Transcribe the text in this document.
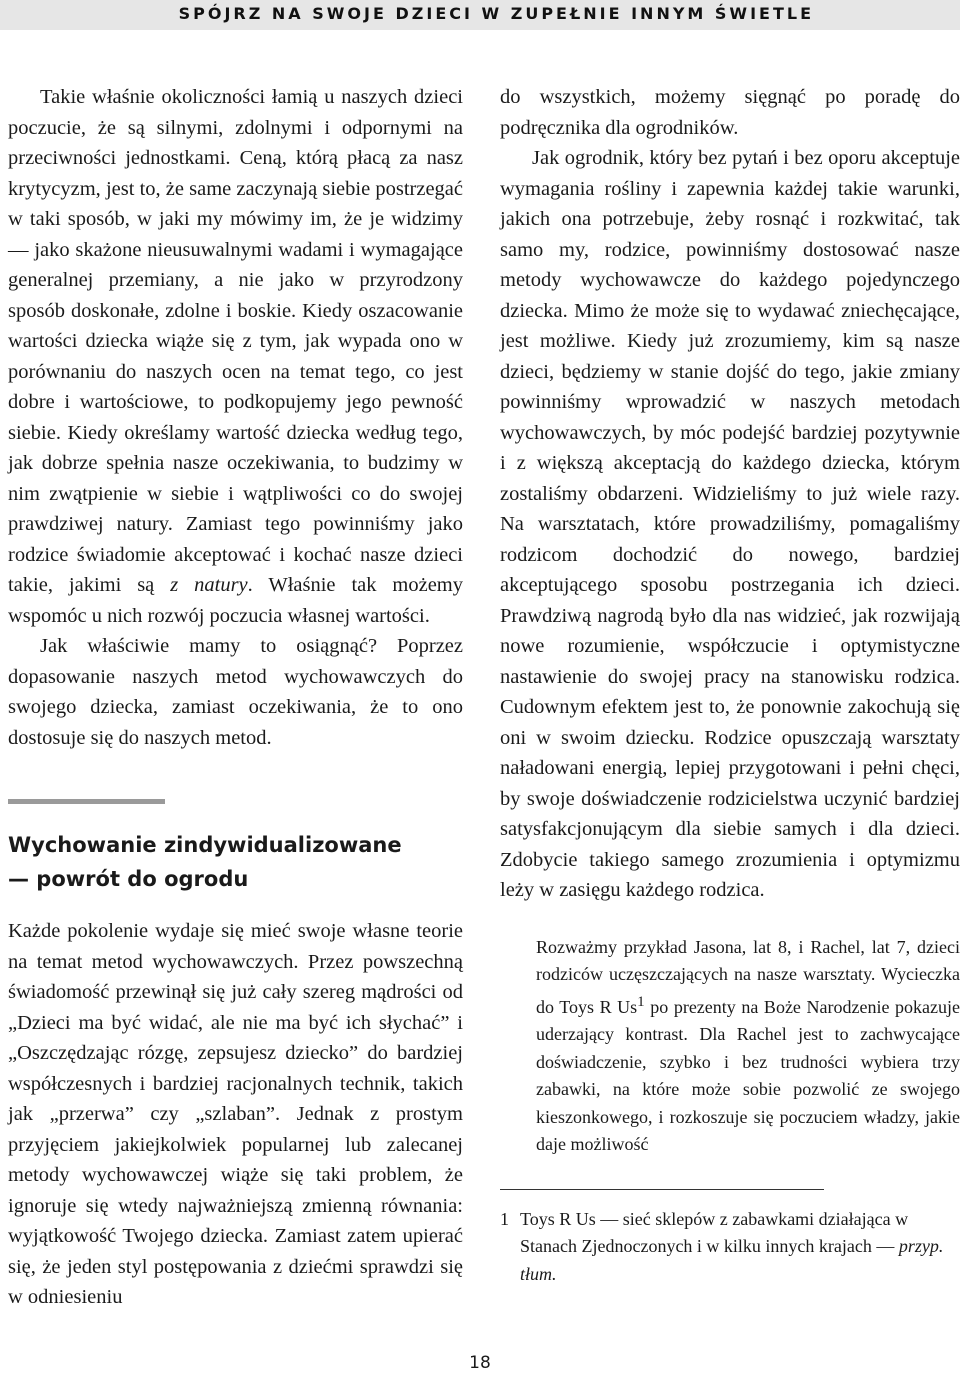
SPÓJRZ NA SWOJE DZIECI W ZUPEŁNIE INNYM ŚWIETLE

Takie właśnie okoliczności łamią u naszych dzieci poczucie, że są silnymi, zdolnymi i odpornymi na przeciwności jednostkami. Ceną, którą płacą za nasz krytycyzm, jest to, że same zaczynają siebie postrzegać w taki sposób, w jaki my mówimy im, że je widzimy — jako skażone nieusuwalnymi wadami i wymagające generalnej przemiany, a nie jako w przyrodzony sposób doskonałe, zdolne i boskie. Kiedy oszacowanie wartości dziecka wiąże się z tym, jak wypada ono w porównaniu do naszych ocen na temat tego, co jest dobre i wartościowe, to podkopujemy jego pewność siebie. Kiedy określamy wartość dziecka według tego, jak dobrze spełnia nasze oczekiwania, to budzimy w nim zwątpienie w siebie i wątpliwości co do swojej prawdziwej natury. Zamiast tego powinniśmy jako rodzice świadomie akceptować i kochać nasze dzieci takie, jakimi są z natury. Właśnie tak możemy wspomóc u nich rozwój poczucia własnej wartości.

Jak właściwie mamy to osiągnąć? Poprzez dopasowanie naszych metod wychowawczych do swojego dziecka, zamiast oczekiwania, że to ono dostosuje się do naszych metod.

Wychowanie zindywidualizowane
— powrót do ogrodu

Każde pokolenie wydaje się mieć swoje własne teorie na temat metod wychowawczych. Przez powszechną świadomość przewinął się już cały szereg mądrości od „Dzieci ma być widać, ale nie ma być ich słychać” i „Oszczędzając rózgę, zepsujesz dziecko” do bardziej współczesnych i bardziej racjonalnych technik, takich jak „przerwa” czy „szlaban”. Jednak z prostym przyjęciem jakiejkolwiek popularnej lub zalecanej metody wychowawczej wiąże się taki problem, że ignoruje się wtedy najważniejszą zmienną równania: wyjątkowość Twojego dziecka. Zamiast zatem upierać się, że jeden styl postępowania z dziećmi sprawdzi się w odniesieniu

do wszystkich, możemy sięgnąć po poradę do podręcznika dla ogrodników.

Jak ogrodnik, który bez pytań i bez oporu akceptuje wymagania rośliny i zapewnia każdej takie warunki, jakich ona potrzebuje, żeby rosnąć i rozkwitać, tak samo my, rodzice, powinniśmy dostosować nasze metody wychowawcze do każdego pojedynczego dziecka. Mimo że może się to wydawać zniechęcające, jest możliwe. Kiedy już zrozumiemy, kim są nasze dzieci, będziemy w stanie dojść do tego, jakie zmiany powinniśmy wprowadzić w naszych metodach wychowawczych, by móc podejść bardziej pozytywnie i z większą akceptacją do każdego dziecka, którym zostaliśmy obdarzeni. Widzieliśmy to już wiele razy. Na warsztatach, które prowadziliśmy, pomagaliśmy rodzicom dochodzić do nowego, bardziej akceptującego sposobu postrzegania ich dzieci. Prawdziwą nagrodą było dla nas widzieć, jak rozwijają nowe rozumienie, współczucie i optymistyczne nastawienie do swojej pracy na stanowisku rodzica. Cudownym efektem jest to, że ponownie zakochują się oni w swoim dziecku. Rodzice opuszczają warsztaty naładowani energią, lepiej przygotowani i pełni chęci, by swoje doświadczenie rodzicielstwa uczynić bardziej satysfakcjonującym dla siebie samych i dla dzieci. Zdobycie takiego samego zrozumienia i optymizmu leży w zasięgu każdego rodzica.

Rozważmy przykład Jasona, lat 8, i Rachel, lat 7, dzieci rodziców uczęszczających na nasze warsztaty. Wycieczka do Toys R Us$^1$ po prezenty na Boże Narodzenie pokazuje uderzający kontrast. Dla Rachel jest to zachwycające doświadczenie, szybko i bez trudności wybiera trzy zabawki, na które może sobie pozwolić ze swojego kieszonkowego, i rozkoszuje się poczuciem władzy, jakie daje możliwość

1 Toys R Us — sieć sklepów z zabawkami działająca w Stanach Zjednoczonych i w kilku innych krajach — przyp. tłum.
18
